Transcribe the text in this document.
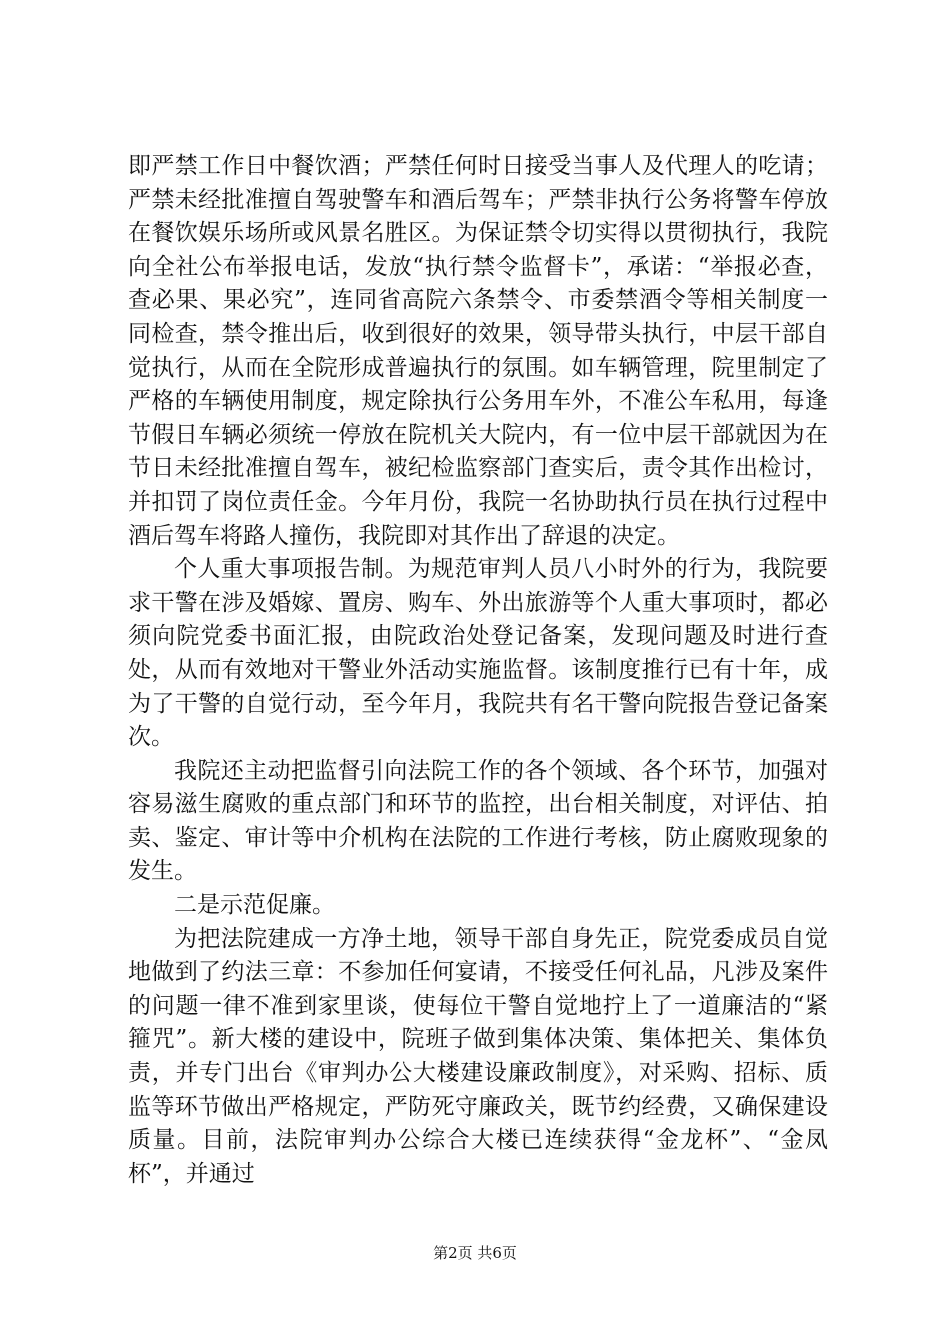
即严禁工作日中餐饮酒；严禁任何时日接受当事人及代理人的吃请；严禁未经批准擅自驾驶警车和酒后驾车；严禁非执行公务将警车停放在餐饮娱乐场所或风景名胜区。为保证禁令切实得以贯彻执行，我院向全社公布举报电话，发放“执行禁令监督卡”，承诺：“举报必查，查必果、果必究”，连同省高院六条禁令、市委禁酒令等相关制度一同检查，禁令推出后，收到很好的效果，领导带头执行，中层干部自觉执行，从而在全院形成普遍执行的氛围。如车辆管理，院里制定了严格的车辆使用制度，规定除执行公务用车外，不准公车私用，每逢节假日车辆必须统一停放在院机关大院内，有一位中层干部就因为在节日未经批准擅自驾车，被纪检监察部门查实后，责令其作出检讨，并扣罚了岗位责任金。今年月份，我院一名协助执行员在执行过程中酒后驾车将路人撞伤，我院即对其作出了辞退的决定。

个人重大事项报告制。为规范审判人员八小时外的行为，我院要求干警在涉及婚嫁、置房、购车、外出旅游等个人重大事项时，都必须向院党委书面汇报，由院政治处登记备案，发现问题及时进行查处，从而有效地对干警业外活动实施监督。该制度推行已有十年，成为了干警的自觉行动，至今年月，我院共有名干警向院报告登记备案次。

我院还主动把监督引向法院工作的各个领域、各个环节，加强对容易滋生腐败的重点部门和环节的监控，出台相关制度，对评估、拍卖、鉴定、审计等中介机构在法院的工作进行考核，防止腐败现象的发生。

二是示范促廉。

为把法院建成一方净土地，领导干部自身先正，院党委成员自觉地做到了约法三章：不参加任何宴请，不接受任何礼品，凡涉及案件的问题一律不准到家里谈，使每位干警自觉地拧上了一道廉洁的“紧箍咒”。新大楼的建设中，院班子做到集体决策、集体把关、集体负责，并专门出台《审判办公大楼建设廉政制度》，对采购、招标、质监等环节做出严格规定，严防死守廉政关，既节约经费，又确保建设质量。目前，法院审判办公综合大楼已连续获得“金龙杯”、“金凤杯”，并通过

第2页 共6页
